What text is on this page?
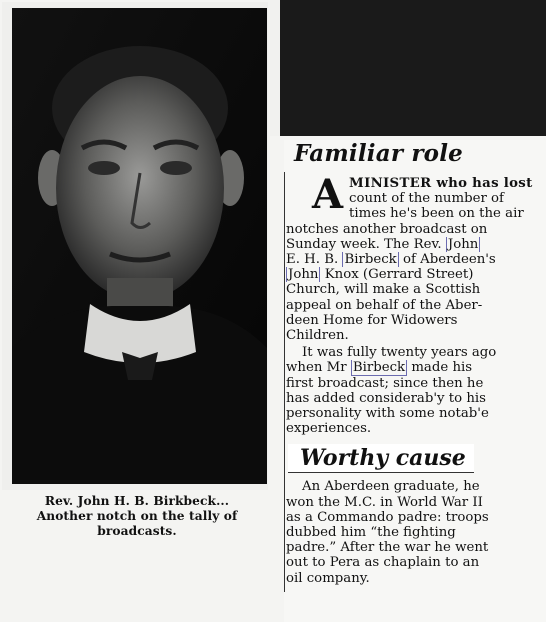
Rev. John H. B. Birkbeck...
Another notch on the tally of
broadcasts.
Familiar role
A MINISTER who has lost
count of the number of
times he's been on the air
notches another broadcast on
Sunday week. The Rev. John
E. H. B. Birbeck of Aberdeen's
John Knox (Gerrard Street)
Church, will make a Scottish
appeal on behalf of the Aber-
deen Home for Widowers
Children.
It was fully twenty years ago
when Mr Birbeck made his
first broadcast; since then he
has added considerab'y to his
personality with some notab'e
experiences.
Worthy cause
An Aberdeen graduate, he
won the M.C. in World War II
as a Commando padre: troops
dubbed him “the fighting
padre.” After the war he went
out to Pera as chaplain to an
oil company.
